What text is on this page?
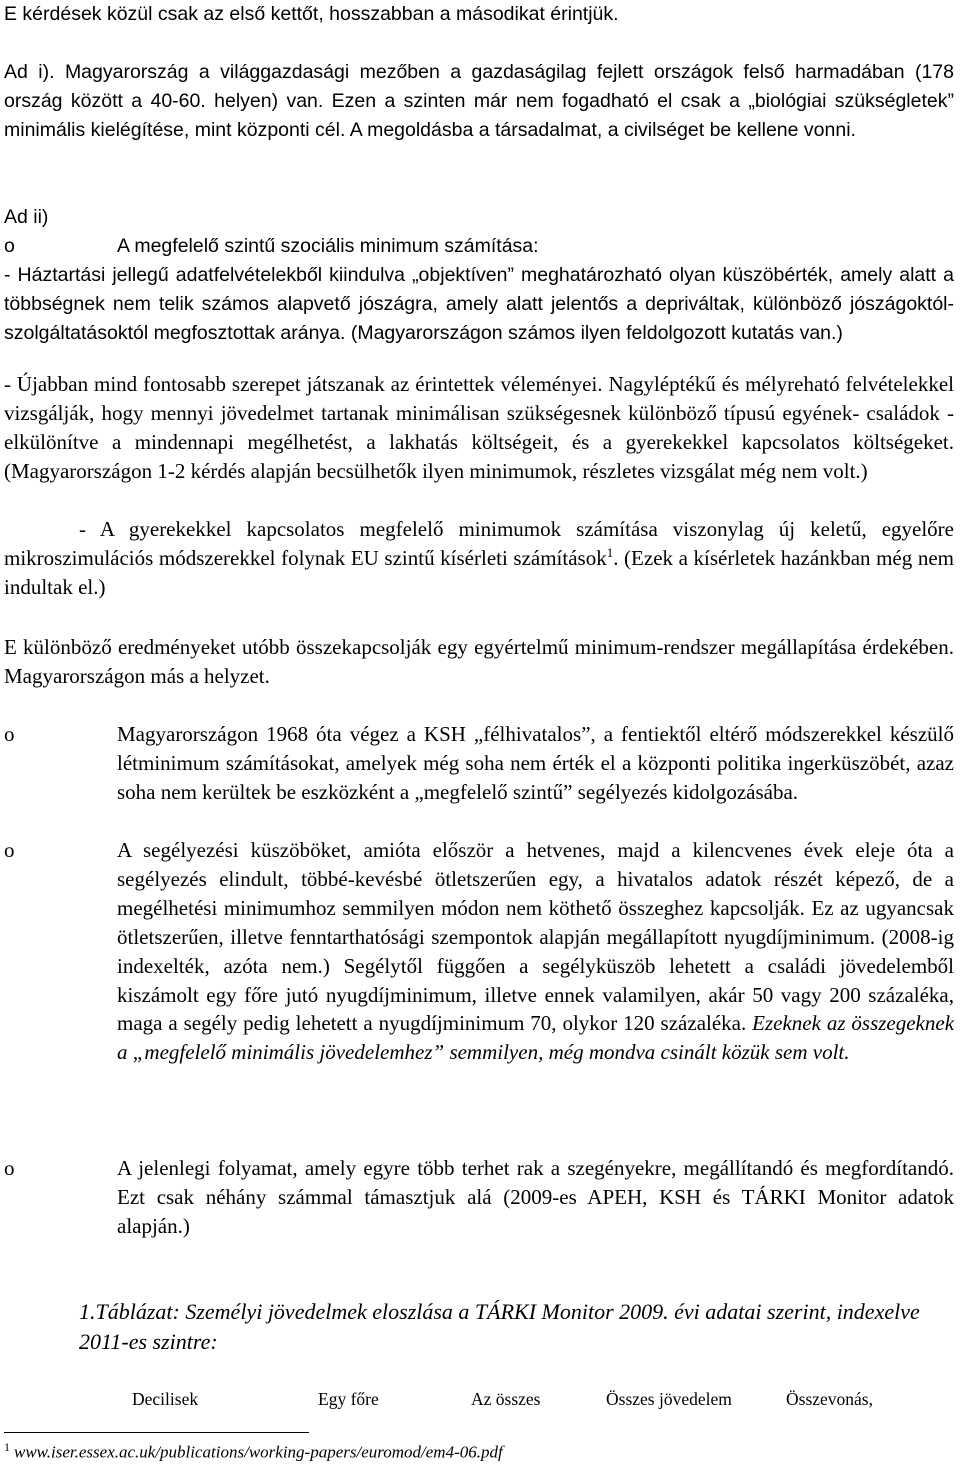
E kérdések közül csak az első kettőt, hosszabban a másodikat érintjük.

Ad i). Magyarország a világgazdasági mezőben a gazdaságilag fejlett országok felső harmadában (178 ország között a 40-60. helyen) van. Ezen a szinten már nem fogadható el csak a „biológiai szükségletek” minimális kielégítése, mint központi cél. A megoldásba a társadalmat, a civilséget be kellene vonni.

Ad ii)

o	A megfelelő szintű szociális minimum számítása:

- Háztartási jellegű adatfelvételekből kiindulva „objektíven” meghatározható olyan küszöbérték, amely alatt a többségnek nem telik számos alapvető jószágra, amely alatt jelentős a depriváltak, különböző jószágoktól-szolgáltatásoktól megfosztottak aránya. (Magyarországon számos ilyen feldolgozott kutatás van.)

- Újabban mind fontosabb szerepet játszanak az érintettek véleményei. Nagyléptékű és mélyreható felvételekkel vizsgálják, hogy mennyi jövedelmet tartanak minimálisan szükségesnek különböző típusú egyének- családok - elkülönítve a mindennapi megélhetést, a lakhatás költségeit, és a gyerekekkel kapcsolatos költségeket. (Magyarországon 1-2 kérdés alapján becsülhetők ilyen minimumok, részletes vizsgálat még nem volt.)

- A gyerekekkel kapcsolatos megfelelő minimumok számítása viszonylag új keletű, egyelőre mikroszimulációs módszerekkel folynak EU szintű kísérleti számítások$^1$. (Ezek a kísérletek hazánkban még nem indultak el.)

E különböző eredményeket utóbb összekapcsolják egy egyértelmű minimum-rendszer megállapítása érdekében. Magyarországon más a helyzet.

o	Magyarországon 1968 óta végez a KSH „félhivatalos”, a fentiektől eltérő módszerekkel készülő létminimum számításokat, amelyek még soha nem érték el a központi politika ingerküszöbét, azaz soha nem kerültek be eszközként a „megfelelő szintű” segélyezés kidolgozásába.
o	A segélyezési küszöböket, amióta először a hetvenes, majd a kilencvenes évek eleje óta a segélyezés elindult, többé-kevésbé ötletszerűen egy, a hivatalos adatok részét képező, de a megélhetési minimumhoz semmilyen módon nem köthető összeghez kapcsolják. Ez az ugyancsak ötletszerűen, illetve fenntarthatósági szempontok alapján megállapított nyugdíjminimum. (2008-ig indexelték, azóta nem.) Segélytől függően a segélyküszöb lehetett a családi jövedelemből kiszámolt egy főre jutó nyugdíjminimum, illetve ennek valamilyen, akár 50 vagy 200 százaléka, maga a segély pedig lehetett a nyugdíjminimum 70, olykor 120 százaléka. Ezeknek az összegeknek a „megfelelő minimális jövedelemhez” semmilyen, még mondva csinált közük sem volt.
o	A jelenlegi folyamat, amely egyre több terhet rak a szegényekre, megállítandó és megfordítandó. Ezt csak néhány számmal támasztjuk alá (2009-es APEH, KSH és TÁRKI Monitor adatok alapján.)
1.Táblázat: Személyi jövedelmek eloszlása a TÁRKI Monitor 2009. évi adatai szerint, indexelve 2011-es szintre:
Decilisek	Egy főre	Az összes	Összes jövedelem	Összevonás,
$^1$ www.iser.essex.ac.uk/publications/working-papers/euromod/em4-06.pdf
